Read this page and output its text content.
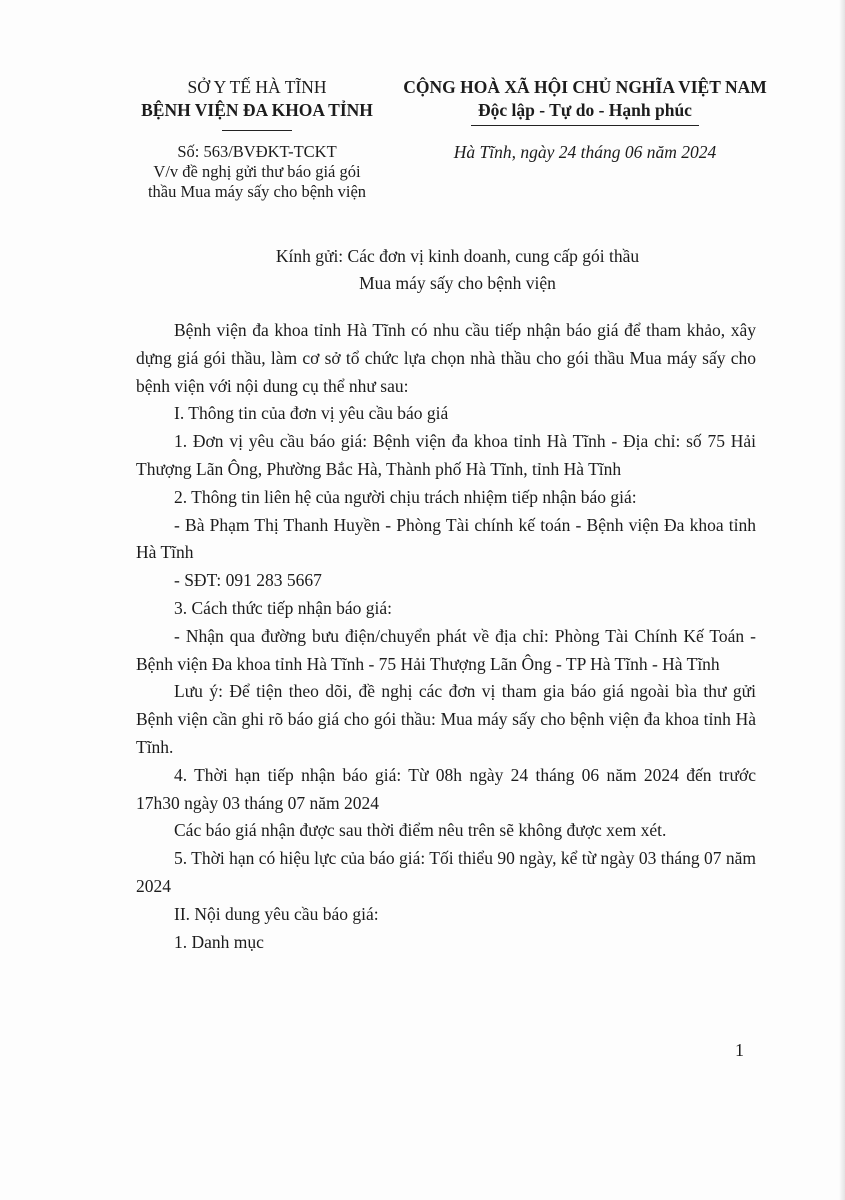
SỞ Y TẾ HÀ TĨNH
BỆNH VIỆN ĐA KHOA TỈNH
CỘNG HOÀ XÃ HỘI CHỦ NGHĨA VIỆT NAM
Độc lập - Tự do - Hạnh phúc
Số: 563/BVĐKT-TCKT
V/v đề nghị gửi thư báo giá gói
thầu Mua máy sấy cho bệnh viện
Hà Tĩnh, ngày 24 tháng 06 năm 2024
Kính gửi: Các đơn vị kinh doanh, cung cấp gói thầu
Mua máy sấy cho bệnh viện

Bệnh viện đa khoa tỉnh Hà Tĩnh có nhu cầu tiếp nhận báo giá để tham khảo, xây dựng giá gói thầu, làm cơ sở tổ chức lựa chọn nhà thầu cho gói thầu Mua máy sấy cho bệnh viện với nội dung cụ thể như sau:

I. Thông tin của đơn vị yêu cầu báo giá

1. Đơn vị yêu cầu báo giá: Bệnh viện đa khoa tỉnh Hà Tĩnh - Địa chỉ: số 75 Hải Thượng Lãn Ông, Phường Bắc Hà, Thành phố Hà Tĩnh, tỉnh Hà Tĩnh

2. Thông tin liên hệ của người chịu trách nhiệm tiếp nhận báo giá:

- Bà Phạm Thị Thanh Huyền - Phòng Tài chính kế toán - Bệnh viện Đa khoa tỉnh Hà Tĩnh

- SĐT: 091 283 5667

3. Cách thức tiếp nhận báo giá:

- Nhận qua đường bưu điện/chuyển phát về địa chỉ: Phòng Tài Chính Kế Toán - Bệnh viện Đa khoa tỉnh Hà Tĩnh - 75 Hải Thượng Lãn Ông - TP Hà Tĩnh - Hà Tĩnh

Lưu ý: Để tiện theo dõi, đề nghị các đơn vị tham gia báo giá ngoài bìa thư gửi Bệnh viện cần ghi rõ báo giá cho gói thầu: Mua máy sấy cho bệnh viện đa khoa tỉnh Hà Tĩnh.

4. Thời hạn tiếp nhận báo giá: Từ 08h ngày 24 tháng 06 năm 2024 đến trước 17h30 ngày 03 tháng 07 năm 2024

Các báo giá nhận được sau thời điểm nêu trên sẽ không được xem xét.

5. Thời hạn có hiệu lực của báo giá: Tối thiểu 90 ngày, kể từ ngày 03 tháng 07 năm 2024

II. Nội dung yêu cầu báo giá:

1. Danh mục

1
